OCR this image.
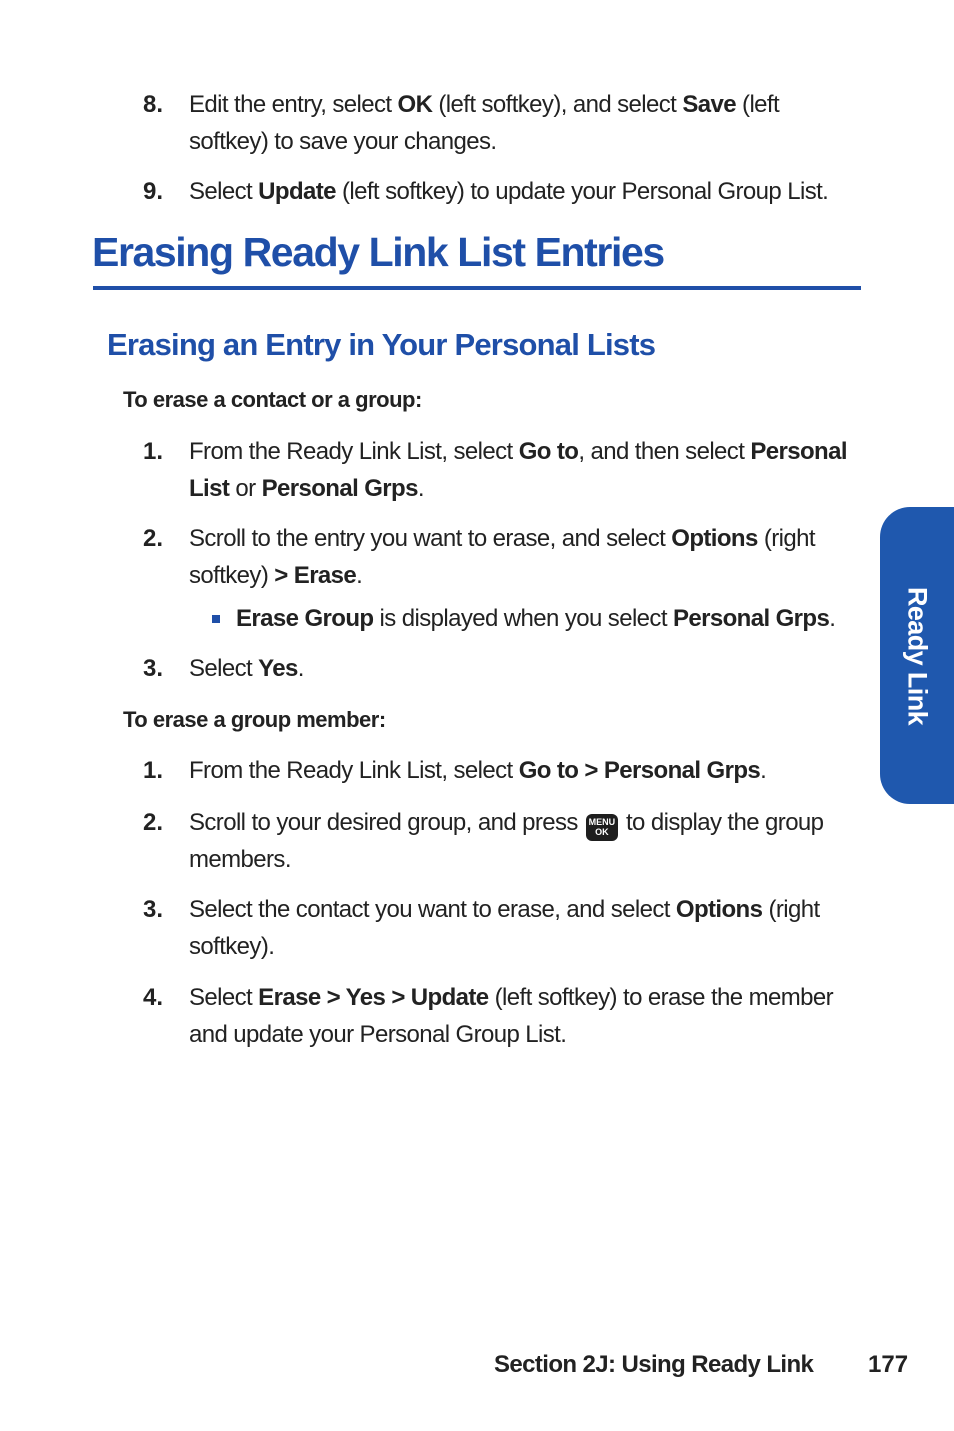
8.	Edit the entry, select OK (left softkey), and select Save (left softkey) to save your changes.
9.	Select Update (left softkey) to update your Personal Group List.
Erasing Ready Link List Entries
Erasing an Entry in Your Personal Lists
To erase a contact or a group:
1.	From the Ready Link List, select Go to, and then select Personal List or Personal Grps.
2.	Scroll to the entry you want to erase, and select Options (right softkey) > Erase.
Erase Group is displayed when you select Personal Grps.
3.	Select Yes.
To erase a group member:
1.	From the Ready Link List, select Go to > Personal Grps.
2.	Scroll to your desired group, and press MENU
OK to display the group members.
3.	Select the contact you want to erase, and select Options (right softkey).
4.	Select Erase > Yes > Update (left softkey) to erase the member and update your Personal Group List.
Ready Link
Section 2J: Using Ready Link 177
